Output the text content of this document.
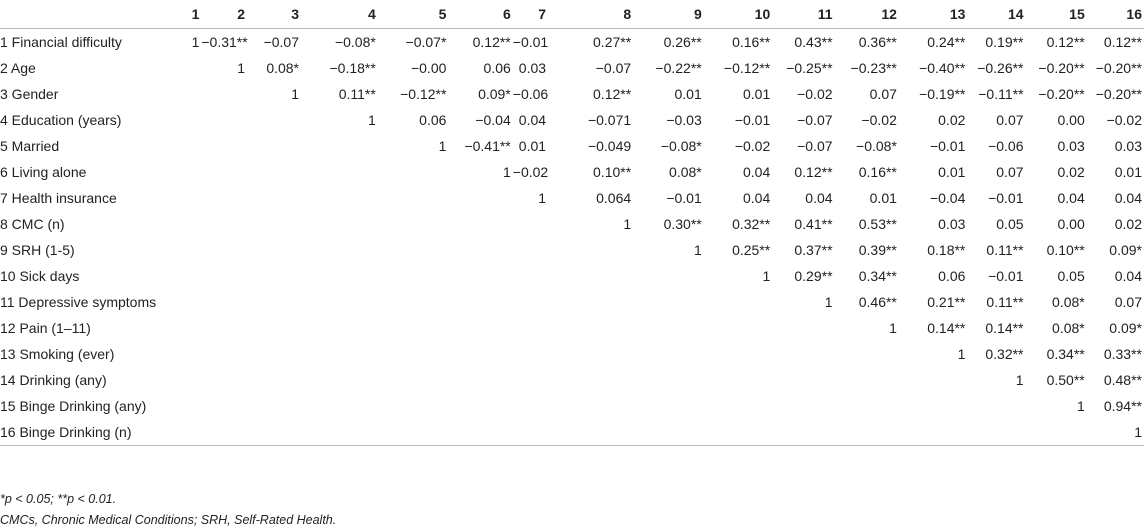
	1	2	3	4	5	6	7	8	9	10	11	12	13	14	15	16
1 Financial difficulty	1	−0.31**	−0.07	−0.08*	−0.07*	0.12**	−0.01	0.27**	0.26**	0.16**	0.43**	0.36**	0.24**	0.19**	0.12**	0.12**
2 Age		1	0.08*	−0.18**	−0.00	0.06	0.03	−0.07	−0.22**	−0.12**	−0.25**	−0.23**	−0.40**	−0.26**	−0.20**	−0.20**
3 Gender			1	0.11**	−0.12**	0.09*	−0.06	0.12**	0.01	0.01	−0.02	0.07	−0.19**	−0.11**	−0.20**	−0.20**
4 Education (years)				1	0.06	−0.04	0.04	−0.071	−0.03	−0.01	−0.07	−0.02	0.02	0.07	0.00	−0.02
5 Married					1	−0.41**	0.01	−0.049	−0.08*	−0.02	−0.07	−0.08*	−0.01	−0.06	0.03	0.03
6 Living alone						1	−0.02	0.10**	0.08*	0.04	0.12**	0.16**	0.01	0.07	0.02	0.01
7 Health insurance							1	0.064	−0.01	0.04	0.04	0.01	−0.04	−0.01	0.04	0.04
8 CMC (n)								1	0.30**	0.32**	0.41**	0.53**	0.03	0.05	0.00	0.02
9 SRH (1-5)									1	0.25**	0.37**	0.39**	0.18**	0.11**	0.10**	0.09*
10 Sick days										1	0.29**	0.34**	0.06	−0.01	0.05	0.04
11 Depressive symptoms											1	0.46**	0.21**	0.11**	0.08*	0.07
12 Pain (1–11)												1	0.14**	0.14**	0.08*	0.09*
13 Smoking (ever)													1	0.32**	0.34**	0.33**
14 Drinking (any)														1	0.50**	0.48**
15 Binge Drinking (any)															1	0.94**
16 Binge Drinking (n)																1
*p < 0.05; **p < 0.01.
CMCs, Chronic Medical Conditions; SRH, Self-Rated Health.
